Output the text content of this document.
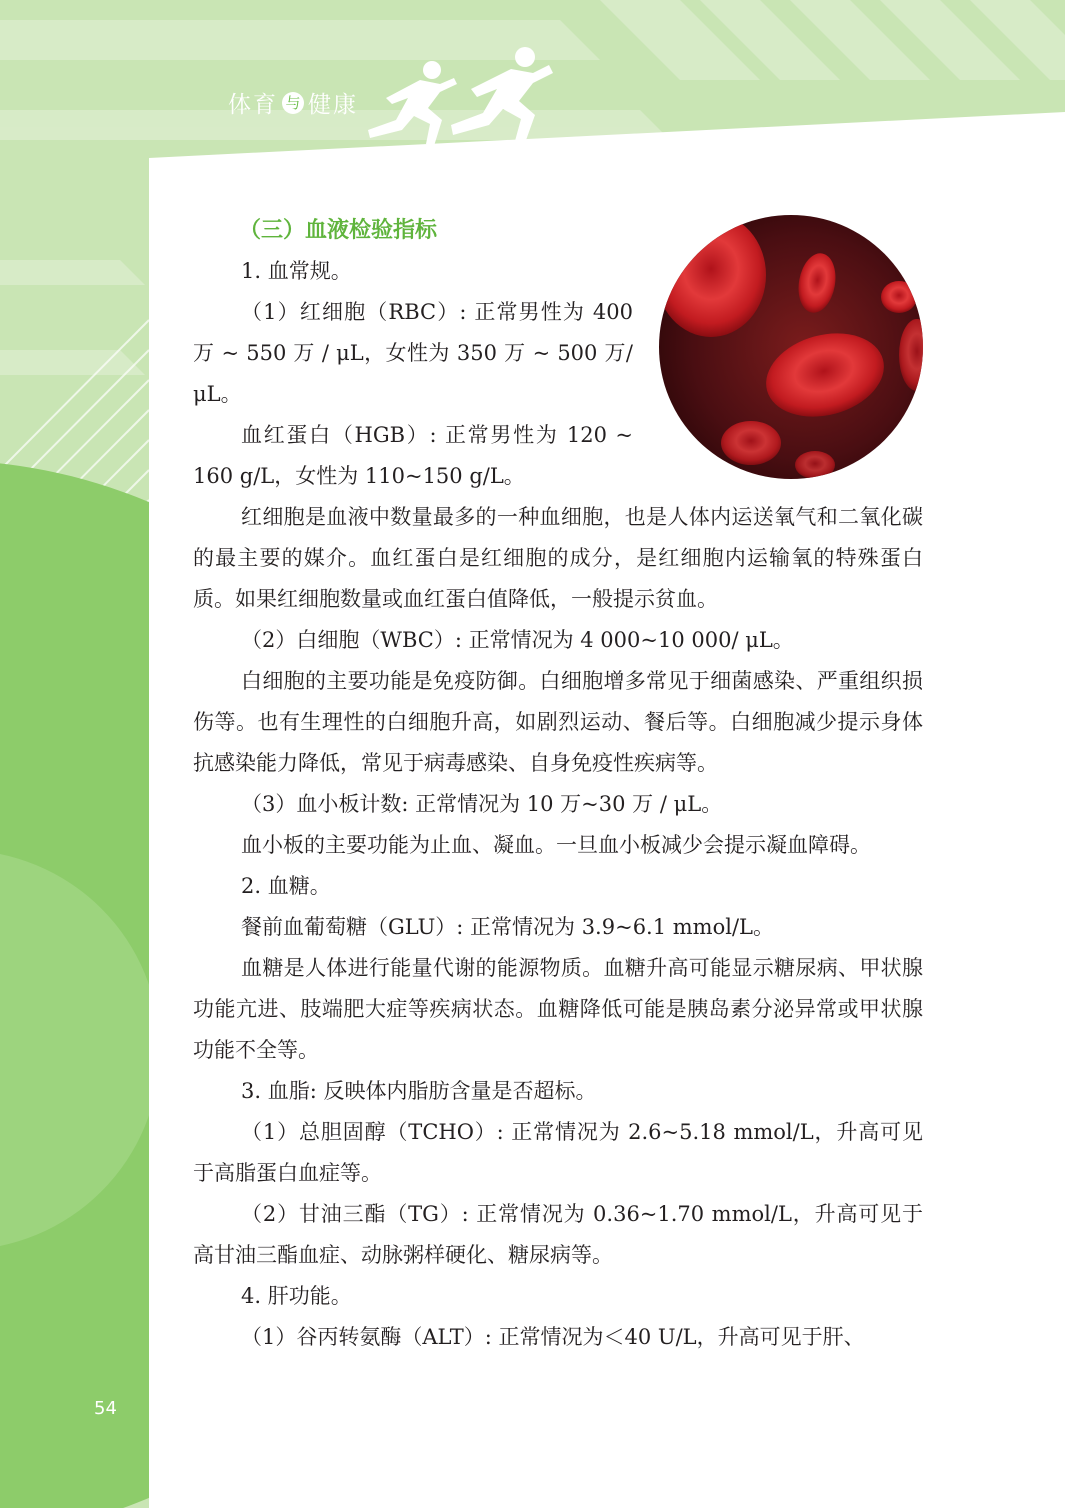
体育 与 健康
（三）血液检验指标

1. 血常规。

（1）红细胞（RBC）: 正常男性为 400 万 ~ 550 万 / μL，女性为 350 万 ~ 500 万/ μL。

血红蛋白（HGB）: 正常男性为 120 ~ 160 g/L，女性为 110~150 g/L。

红细胞是血液中数量最多的一种血细胞，也是人体内运送氧气和二氧化碳的最主要的媒介。血红蛋白是红细胞的成分，是红细胞内运输氧的特殊蛋白质。如果红细胞数量或血红蛋白值降低，一般提示贫血。

（2）白细胞（WBC）: 正常情况为 4 000~10 000/ μL。

白细胞的主要功能是免疫防御。白细胞增多常见于细菌感染、严重组织损伤等。也有生理性的白细胞升高，如剧烈运动、餐后等。白细胞减少提示身体抗感染能力降低，常见于病毒感染、自身免疫性疾病等。

（3）血小板计数: 正常情况为 10 万~30 万 / μL。

血小板的主要功能为止血、凝血。一旦血小板减少会提示凝血障碍。

2. 血糖。

餐前血葡萄糖（GLU）: 正常情况为 3.9~6.1 mmol/L。

血糖是人体进行能量代谢的能源物质。血糖升高可能显示糖尿病、甲状腺功能亢进、肢端肥大症等疾病状态。血糖降低可能是胰岛素分泌异常或甲状腺功能不全等。

3. 血脂: 反映体内脂肪含量是否超标。

（1）总胆固醇（TCHO）: 正常情况为 2.6~5.18 mmol/L，升高可见于高脂蛋白血症等。

（2）甘油三酯（TG）: 正常情况为 0.36~1.70 mmol/L，升高可见于高甘油三酯血症、动脉粥样硬化、糖尿病等。

4. 肝功能。

（1）谷丙转氨酶（ALT）: 正常情况为＜40 U/L，升高可见于肝、

54
